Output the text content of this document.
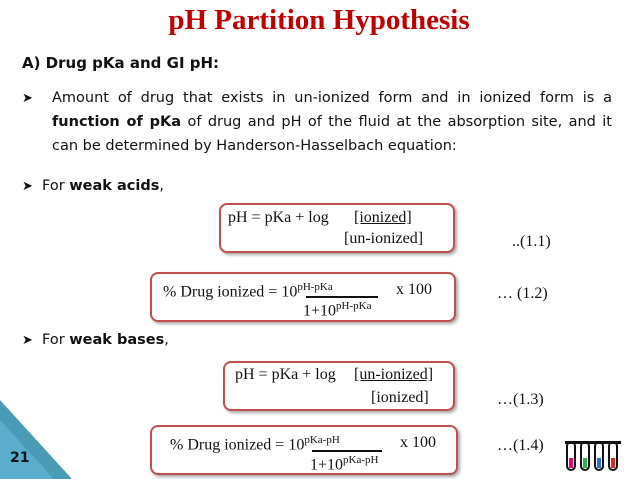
pH Partition Hypothesis
A) Drug pKa and GI pH:
➤	Amount of drug that exists in un-ionized form and in ionized form is a function of pKa of drug and pH of the fluid at the absorption site, and it can be determined by Handerson-Hasselbach equation:
➤ For weak acids,
pH = pKa + log [ionized]
[un-ionized]	..(1.1)
% Drug ionized = $10^{pH-pKa}$	x 100
$1+10^{pH-pKa}$
… (1.2)
➤ For weak bases,
pH = pKa + log [un-ionized]
[ionized]	…(1.3)
% Drug ionized = $10^{pKa-pH}$	x 100
$1+10^{pKa-pH}$
…(1.4)
21
